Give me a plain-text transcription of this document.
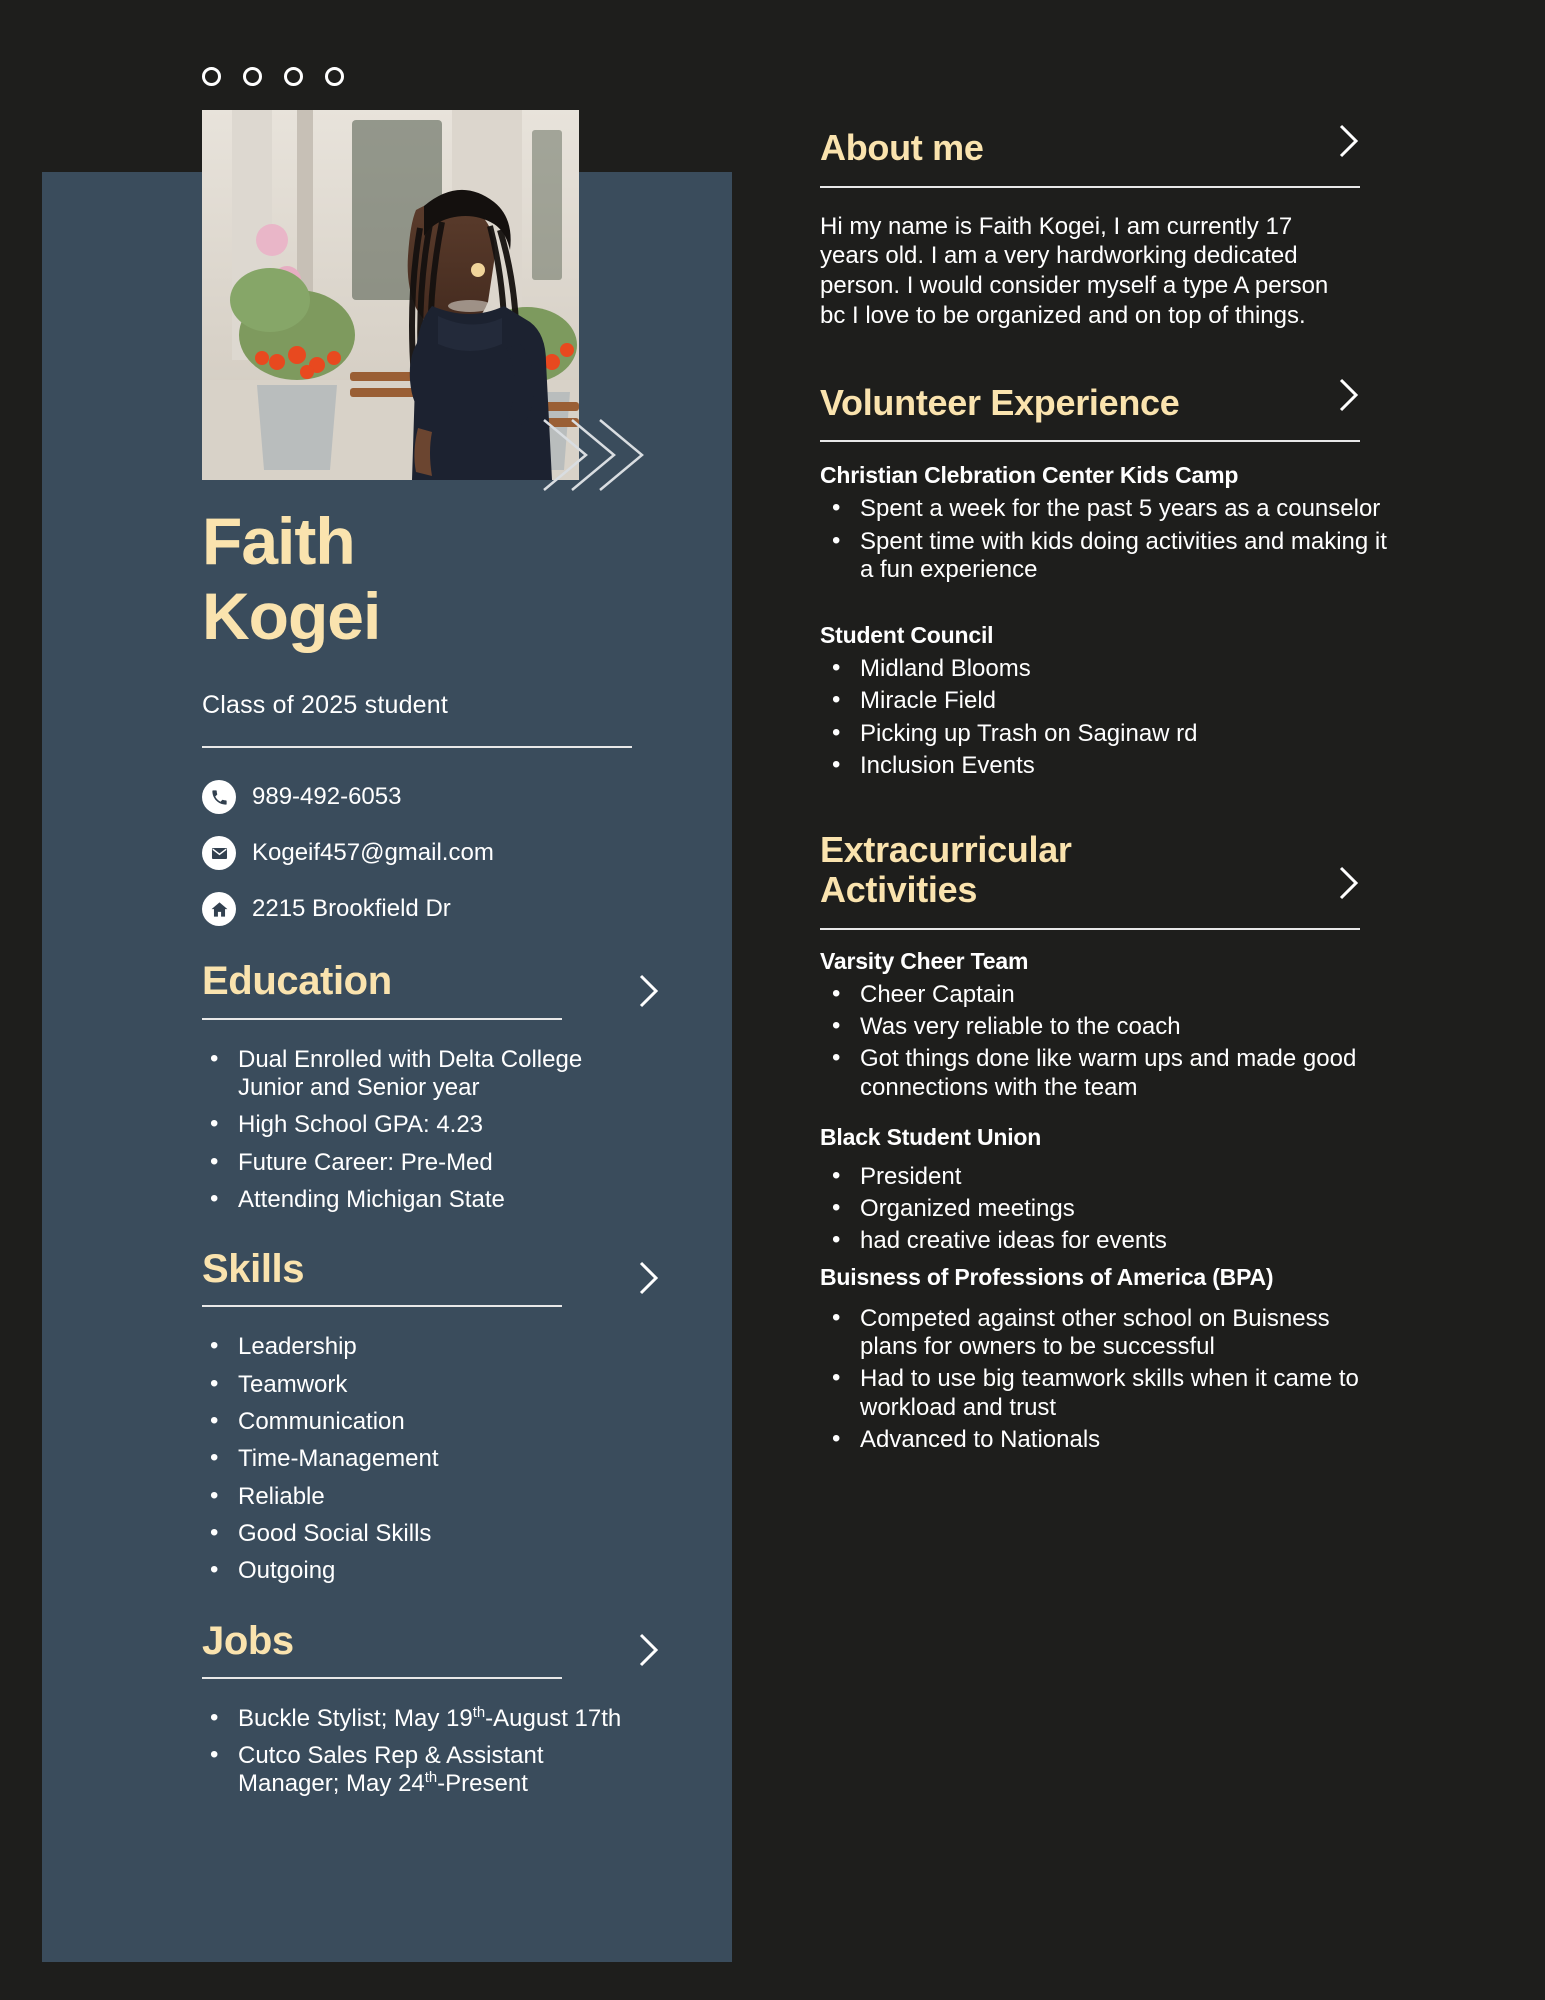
Faith
Kogei
Class of 2025 student
989-492-6053
Kogeif457@gmail.com
2215 Brookfield Dr
Education
• Dual Enrolled with Delta College Junior and Senior year
• High School GPA: 4.23
• Future Career: Pre-Med
• Attending Michigan State
Skills
• Leadership
• Teamwork
• Communication
• Time-Management
• Reliable
• Good Social Skills
• Outgoing
Jobs
• Buckle Stylist; May 19th-August 17th
• Cutco Sales Rep & Assistant Manager; May 24th-Present
About me
Hi my name is Faith Kogei, I am currently 17 years old. I am a very hardworking dedicated person. I would consider myself a type A person bc I love to be organized and on top of things.
Volunteer Experience
Christian Clebration Center Kids Camp
• Spent a week for the past 5 years as a counselor
• Spent time with kids doing activities and making it a fun experience
Student Council
• Midland Blooms
• Miracle Field
• Picking up Trash on Saginaw rd
• Inclusion Events
Extracurricular Activities
Varsity Cheer Team
• Cheer Captain
• Was very reliable to the coach
• Got things done like warm ups and made good connections with the team
Black Student Union
• President
• Organized meetings
• had creative ideas for events
Buisness of Professions of America (BPA)
• Competed against other school on Buisness plans for owners to be successful
• Had to use big teamwork skills when it came to workload and trust
• Advanced to Nationals
